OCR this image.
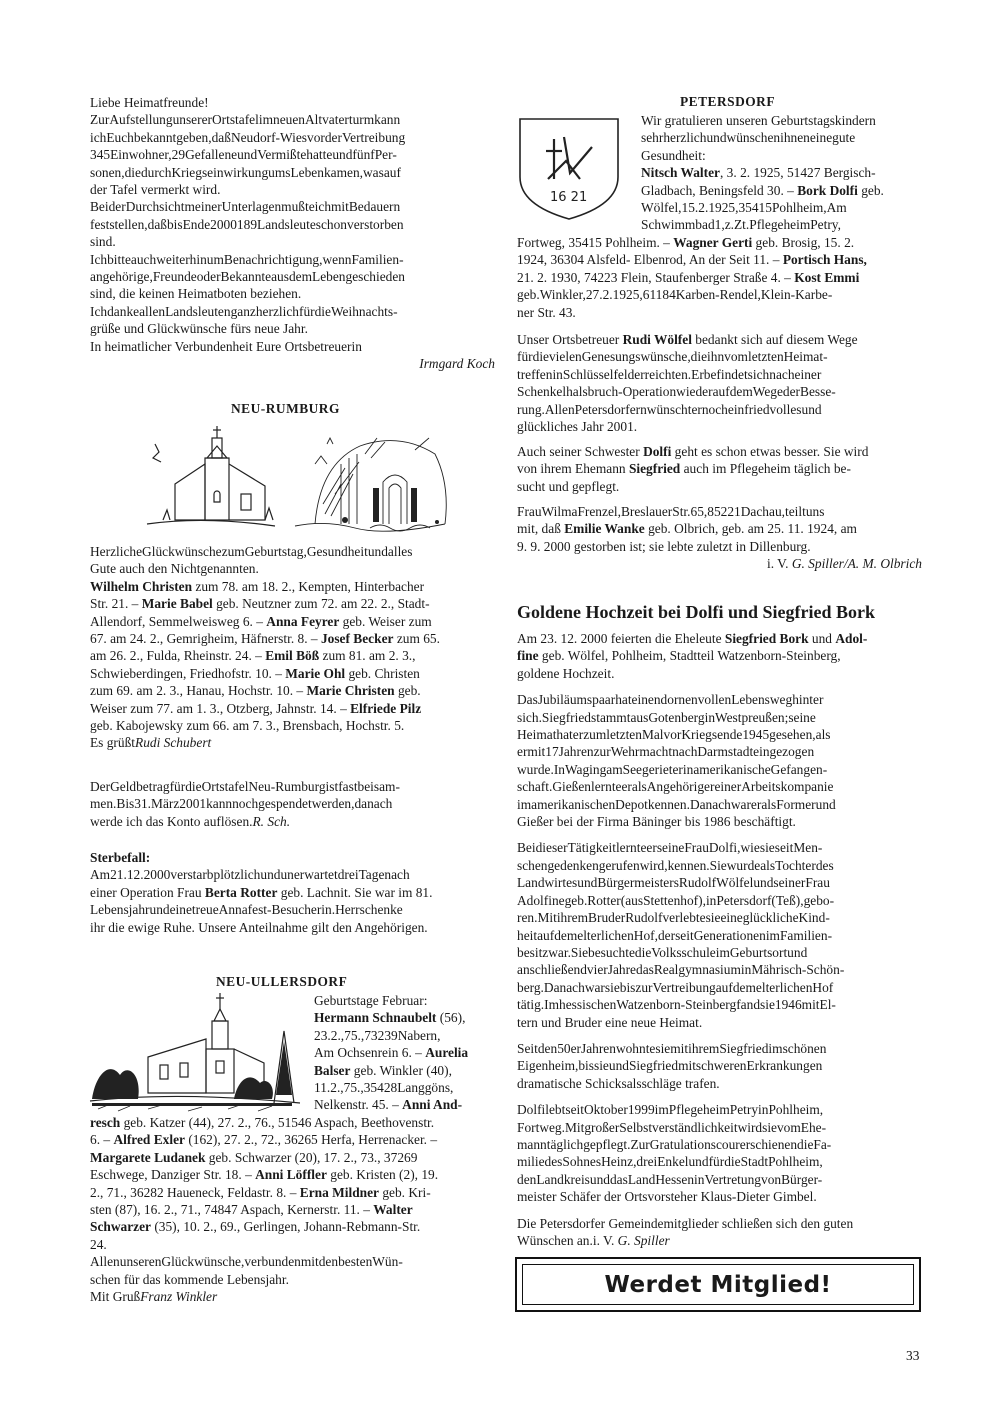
Liebe Heimatfreunde!
ZurAufstellungunsererOrtstafelimneuenAltvaterturmkann
ichEuchbekanntgeben,daßNeudorf-WiesvorderVertreibung
345Einwohner,29GefalleneundVermißtehatteundfünfPer-
sonen,diedurchKriegseinwirkungumsLebenkamen,wasauf
der Tafel vermerkt wird.
BeiderDurchsichtmeinerUnterlagenmußteichmitBedauern
feststellen,daßbisEnde2000189Landsleuteschonverstorben
sind.
IchbitteauchweiterhinumBenachrichtigung,wennFamilien-
angehörige,FreundeoderBekannteausdemLebengeschieden
sind, die keinen Heimatboten beziehen.
IchdankeallenLandsleutenganzherzlichfürdieWeihnachts-
grüße und Glückwünsche fürs neue Jahr.
In heimatlicher Verbundenheit Eure Ortsbetreuerin
Irmgard Koch
NEU-RUMBURG
HerzlicheGlückwünschezumGeburtstag,Gesundheitundalles
Gute auch den Nichtgenannten.
Wilhelm Christen zum 78. am 18. 2., Kempten, Hinterbacher
Str. 21. – Marie Babel geb. Neutzner zum 72. am 22. 2., Stadt-
Allendorf, Semmelweisweg 6. – Anna Feyrer geb. Weiser zum
67. am 24. 2., Gemrigheim, Häfnerstr. 8. – Josef Becker zum 65.
am 26. 2., Fulda, Rheinstr. 24. – Emil Böß zum 81. am 2. 3.,
Schwieberdingen, Friedhofstr. 10. – Marie Ohl geb. Christen
zum 69. am 2. 3., Hanau, Hochstr. 10. – Marie Christen geb.
Weiser zum 77. am 1. 3., Otzberg, Jahnstr. 14. – Elfriede Pilz
geb. Kabojewsky zum 66. am 7. 3., Brensbach, Hochstr. 5.
Es grüßtRudi Schubert
DerGeldbetragfürdieOrtstafelNeu-Rumburgistfastbeisam-
men.Bis31.März2001kannnochgespendetwerden,danach
werde ich das Konto auflösen.R. Sch.
Sterbefall:
Am21.12.2000verstarbplötzlichundunerwartetdreiTagenach
einer Operation Frau Berta Rotter geb. Lachnit. Sie war im 81.
LebensjahrundeinetreueAnnafest-Besucherin.Herrschenke
ihr die ewige Ruhe. Unsere Anteilnahme gilt den Angehörigen.
NEU-ULLERSDORF
Geburtstage Februar:
Hermann Schnaubelt (56),
23.2.,75.,73239Nabern,
Am Ochsenrein 6. – Aurelia
Balser geb. Winkler (40),
11.2.,75.,35428Langgöns,
Nelkenstr. 45. – Anni And-
resch geb. Katzer (44), 27. 2., 76., 51546 Aspach, Beethovenstr.
6. – Alfred Exler (162), 27. 2., 72., 36265 Herfa, Herrenacker. –
Margarete Ludanek geb. Schwarzer (20), 17. 2., 73., 37269
Eschwege, Danziger Str. 18. – Anni Löffler geb. Kristen (2), 19.
2., 71., 36282 Haueneck, Feldastr. 8. – Erna Mildner geb. Kri-
sten (87), 16. 2., 71., 74847 Aspach, Kernerstr. 11. – Walter
Schwarzer (35), 10. 2., 69., Gerlingen, Johann-Rebmann-Str.
24.
AllenunserenGlückwünsche,verbundenmitdenbestenWün-
schen für das kommende Lebensjahr.
Mit GrußFranz Winkler
PETERSDORF
16 21
Wir gratulieren unseren Geburtstagskindern
sehrherzlichundwünschenihneneinegute
Gesundheit:
Nitsch Walter, 3. 2. 1925, 51427 Bergisch-
Gladbach, Beningsfeld 30. – Bork Dolfi geb.
Wölfel,15.2.1925,35415Pohlheim,Am
Schwimmbad1,z.Zt.PflegeheimPetry,
Fortweg, 35415 Pohlheim. – Wagner Gerti geb. Brosig, 15. 2.
1924, 36304 Alsfeld- Elbenrod, An der Seit 11. – Portisch Hans,
21. 2. 1930, 74223 Flein, Staufenberger Straße 4. – Kost Emmi
geb.Winkler,27.2.1925,61184Karben-Rendel,Klein-Karbe-
ner Str. 43.
Unser Ortsbetreuer Rudi Wölfel bedankt sich auf diesem Wege
fürdievielenGenesungswünsche,dieihnvomletztenHeimat-
treffeninSchlüsselfelderreichten.Erbefindetsichnacheiner
Schenkelhalsbruch-OperationwiederaufdemWegederBesse-
rung.AllenPetersdorfernwünschternocheinfriedvollesund
glückliches Jahr 2001.
Auch seiner Schwester Dolfi geht es schon etwas besser. Sie wird
von ihrem Ehemann Siegfried auch im Pflegeheim täglich be-
sucht und gepflegt.
FrauWilmaFrenzel,BreslauerStr.65,85221Dachau,teiltuns
mit, daß Emilie Wanke geb. Olbrich, geb. am 25. 11. 1924, am
9. 9. 2000 gestorben ist; sie lebte zuletzt in Dillenburg.
i. V. G. Spiller/A. M. Olbrich
Goldene Hochzeit bei Dolfi und Siegfried Bork
Am 23. 12. 2000 feierten die Eheleute Siegfried Bork und Adol-
fine geb. Wölfel, Pohlheim, Stadtteil Watzenborn-Steinberg,
goldene Hochzeit.
DasJubiläumspaarhateinendornenvollenLebensweghinter
sich.SiegfriedstammtausGotenberginWestpreußen;seine
HeimathaterzumletztenMalvorKriegsende1945gesehen,als
ermit17JahrenzurWehrmachtnachDarmstadteingezogen
wurde.InWagingamSeegerieterinamerikanischeGefangen-
schaft.GießenlernteeralsAngehörigereinerArbeitskompanie
imamerikanischenDepotkennen.DanachwareralsFormerund
Gießer bei der Firma Bäninger bis 1986 beschäftigt.
BeidieserTätigkeitlernteerseineFrauDolfi,wiesieseitMen-
schengedenkengerufenwird,kennen.SiewurdealsTochterdes
LandwirtesundBürgermeistersRudolfWölfelundseinerFrau
Adolfinegeb.Rotter(ausStettenhof),inPetersdorf(Teß),gebo-
ren.MitihremBruderRudolfverlebtesieeineglücklicheKind-
heitaufdemelterlichenHof,derseitGenerationenimFamilien-
besitzwar.SiebesuchtedieVolksschuleimGeburtsortund
anschließendvierJahredasRealgymnasiuminMährisch-Schön-
berg.DanachwarsiebiszurVertreibungaufdemelterlichenHof
tätig.ImhessischenWatzenborn-Steinbergfandsie1946mitEl-
tern und Bruder eine neue Heimat.
Seitden50erJahrenwohntesiemitihremSiegfriedimschönen
Eigenheim,bissieundSiegfriedmitschwerenErkrankungen
dramatische Schicksalsschläge trafen.
DolfilebtseitOktober1999imPflegeheimPetryinPohlheim,
Fortweg.MitgroßerSelbstverständlichkeitwirdsievomEhe-
manntäglichgepflegt.ZurGratulationscourerschienendieFa-
miliedesSohnesHeinz,dreiEnkelundfürdieStadtPohlheim,
denLandkreisunddasLandHesseninVertretungvonBürger-
meister Schäfer der Ortsvorsteher Klaus-Dieter Gimbel.
Die Petersdorfer Gemeindemitglieder schließen sich den guten
Wünschen an.i. V. G. Spiller
Werdet Mitglied!
33
